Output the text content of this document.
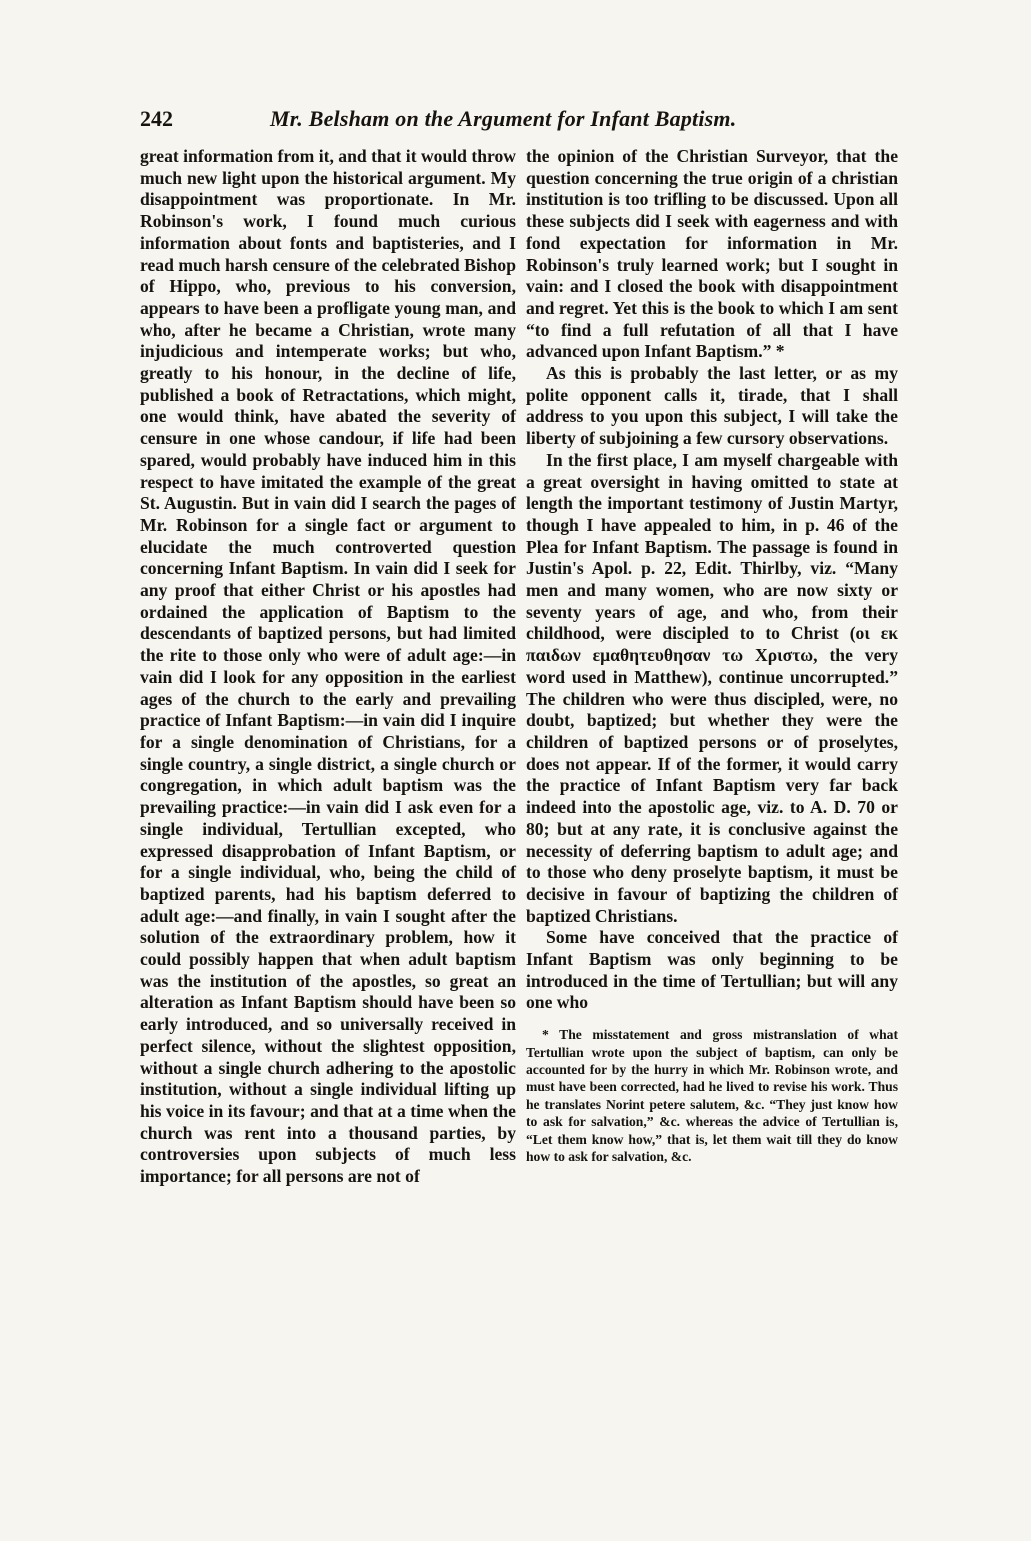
242	Mr. Belsham on the Argument for Infant Baptism.

great information from it, and that it would throw much new light upon the historical argument. My disappointment was proportionate. In Mr. Robinson's work, I found much curious information about fonts and baptisteries, and I read much harsh censure of the celebrated Bishop of Hippo, who, previous to his conversion, appears to have been a profligate young man, and who, after he became a Christian, wrote many injudicious and intemperate works; but who, greatly to his honour, in the decline of life, published a book of Retractations, which might, one would think, have abated the severity of censure in one whose candour, if life had been spared, would probably have induced him in this respect to have imitated the example of the great St. Augustin. But in vain did I search the pages of Mr. Robinson for a single fact or argument to elucidate the much controverted question concerning Infant Baptism. In vain did I seek for any proof that either Christ or his apostles had ordained the application of Baptism to the descendants of baptized persons, but had limited the rite to those only who were of adult age:—in vain did I look for any opposition in the earliest ages of the church to the early and prevailing practice of Infant Baptism:—in vain did I inquire for a single denomination of Christians, for a single country, a single district, a single church or congregation, in which adult baptism was the prevailing practice:—in vain did I ask even for a single individual, Tertullian excepted, who expressed disapprobation of Infant Baptism, or for a single individual, who, being the child of baptized parents, had his baptism deferred to adult age:—and finally, in vain I sought after the solution of the extraordinary problem, how it could possibly happen that when adult baptism was the institution of the apostles, so great an alteration as Infant Baptism should have been so early introduced, and so universally received in perfect silence, without the slightest opposition, without a single church adhering to the apostolic institution, without a single individual lifting up his voice in its favour; and that at a time when the church was rent into a thousand parties, by controversies upon subjects of much less importance; for all persons are not of

the opinion of the Christian Surveyor, that the question concerning the true origin of a christian institution is too trifling to be discussed. Upon all these subjects did I seek with eagerness and with fond expectation for information in Mr. Robinson's truly learned work; but I sought in vain: and I closed the book with disappointment and regret. Yet this is the book to which I am sent “to find a full refutation of all that I have advanced upon Infant Baptism.” *

As this is probably the last letter, or as my polite opponent calls it, tirade, that I shall address to you upon this subject, I will take the liberty of subjoining a few cursory observations.

In the first place, I am myself chargeable with a great oversight in having omitted to state at length the important testimony of Justin Martyr, though I have appealed to him, in p. 46 of the Plea for Infant Baptism. The passage is found in Justin's Apol. p. 22, Edit. Thirlby, viz. “Many men and many women, who are now sixty or seventy years of age, and who, from their childhood, were discipled to to Christ (οι εκ παιδων εμαθητευθησαν τω Χριστω, the very word used in Matthew), continue uncorrupted.” The children who were thus discipled, were, no doubt, baptized; but whether they were the children of baptized persons or of proselytes, does not appear. If of the former, it would carry the practice of Infant Baptism very far back indeed into the apostolic age, viz. to A. D. 70 or 80; but at any rate, it is conclusive against the necessity of deferring baptism to adult age; and to those who deny proselyte baptism, it must be decisive in favour of baptizing the children of baptized Christians.

Some have conceived that the practice of Infant Baptism was only beginning to be introduced in the time of Tertullian; but will any one who

* The misstatement and gross mistranslation of what Tertullian wrote upon the subject of baptism, can only be accounted for by the hurry in which Mr. Robinson wrote, and must have been corrected, had he lived to revise his work. Thus he translates Norint petere salutem, &c. “They just know how to ask for salvation,” &c. whereas the advice of Tertullian is, “Let them know how,” that is, let them wait till they do know how to ask for salvation, &c.
